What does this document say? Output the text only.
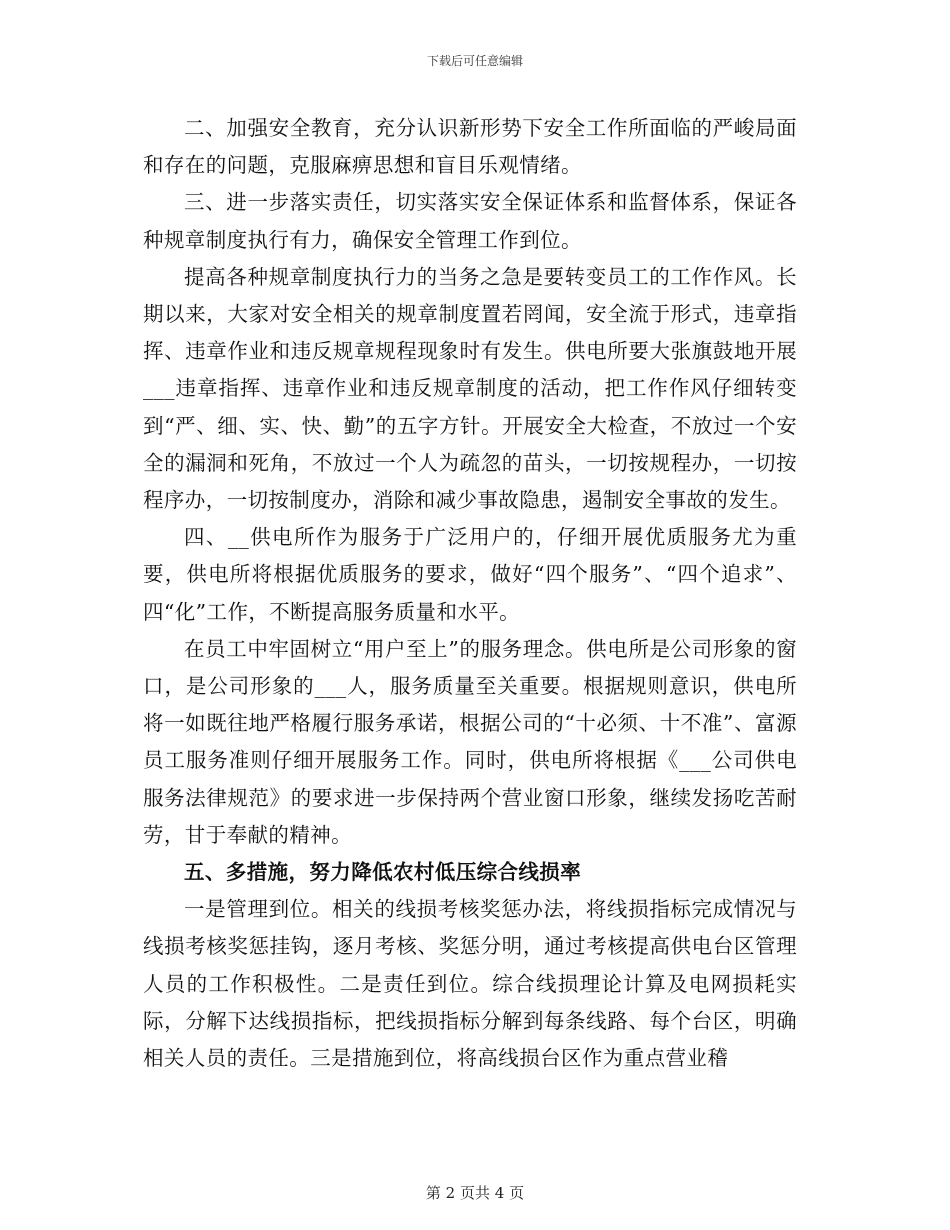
下载后可任意编辑

二、加强安全教育，充分认识新形势下安全工作所面临的严峻局面和存在的问题，克服麻痹思想和盲目乐观情绪。

三、进一步落实责任，切实落实安全保证体系和监督体系，保证各种规章制度执行有力，确保安全管理工作到位。

提高各种规章制度执行力的当务之急是要转变员工的工作作风。长期以来，大家对安全相关的规章制度置若罔闻，安全流于形式，违章指挥、违章作业和违反规章规程现象时有发生。供电所要大张旗鼓地开展___违章指挥、违章作业和违反规章制度的活动，把工作作风仔细转变到“严、细、实、快、勤”的五字方针。开展安全大检查，不放过一个安全的漏洞和死角，不放过一个人为疏忽的苗头，一切按规程办，一切按程序办，一切按制度办，消除和减少事故隐患，遏制安全事故的发生。

四、__供电所作为服务于广泛用户的，仔细开展优质服务尤为重要，供电所将根据优质服务的要求，做好“四个服务”、“四个追求”、四“化”工作，不断提高服务质量和水平。

在员工中牢固树立“用户至上”的服务理念。供电所是公司形象的窗口，是公司形象的___人，服务质量至关重要。根据规则意识，供电所将一如既往地严格履行服务承诺，根据公司的“十必须、十不准”、富源员工服务准则仔细开展服务工作。同时，供电所将根据《___公司供电服务法律规范》的要求进一步保持两个营业窗口形象，继续发扬吃苦耐劳，甘于奉献的精神。

五、多措施，努力降低农村低压综合线损率

一是管理到位。相关的线损考核奖惩办法，将线损指标完成情况与线损考核奖惩挂钩，逐月考核、奖惩分明，通过考核提高供电台区管理人员的工作积极性。二是责任到位。综合线损理论计算及电网损耗实际，分解下达线损指标，把线损指标分解到每条线路、每个台区，明确相关人员的责任。三是措施到位，将高线损台区作为重点营业稽

第 2 页共 4 页
